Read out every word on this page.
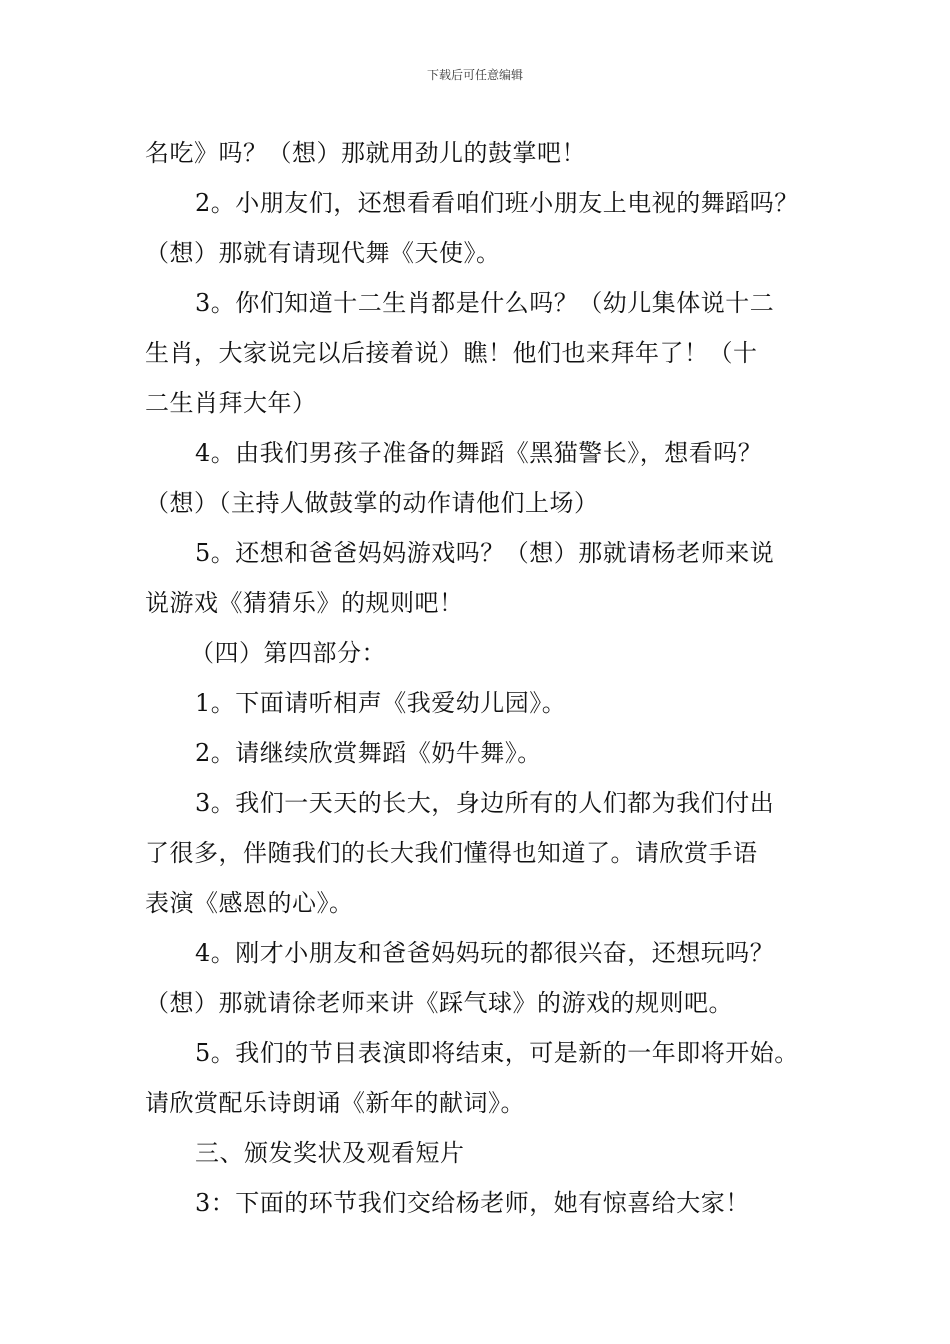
下载后可任意编辑
名吃》吗？（想）那就用劲儿的鼓掌吧！
2。小朋友们，还想看看咱们班小朋友上电视的舞蹈吗？
（想）那就有请现代舞《天使》。
3。你们知道十二生肖都是什么吗？（幼儿集体说十二
生肖，大家说完以后接着说）瞧！他们也来拜年了！（十
二生肖拜大年）
4。由我们男孩子准备的舞蹈《黑猫警长》，想看吗？
（想）（主持人做鼓掌的动作请他们上场）
5。还想和爸爸妈妈游戏吗？（想）那就请杨老师来说
说游戏《猜猜乐》的规则吧！
（四）第四部分：
1。下面请听相声《我爱幼儿园》。
2。请继续欣赏舞蹈《奶牛舞》。
3。我们一天天的长大，身边所有的人们都为我们付出
了很多，伴随我们的长大我们懂得也知道了。请欣赏手语
表演《感恩的心》。
4。刚才小朋友和爸爸妈妈玩的都很兴奋，还想玩吗？
（想）那就请徐老师来讲《踩气球》的游戏的规则吧。
5。我们的节目表演即将结束，可是新的一年即将开始。
请欣赏配乐诗朗诵《新年的献词》。
三、颁发奖状及观看短片
3：下面的环节我们交给杨老师，她有惊喜给大家！
